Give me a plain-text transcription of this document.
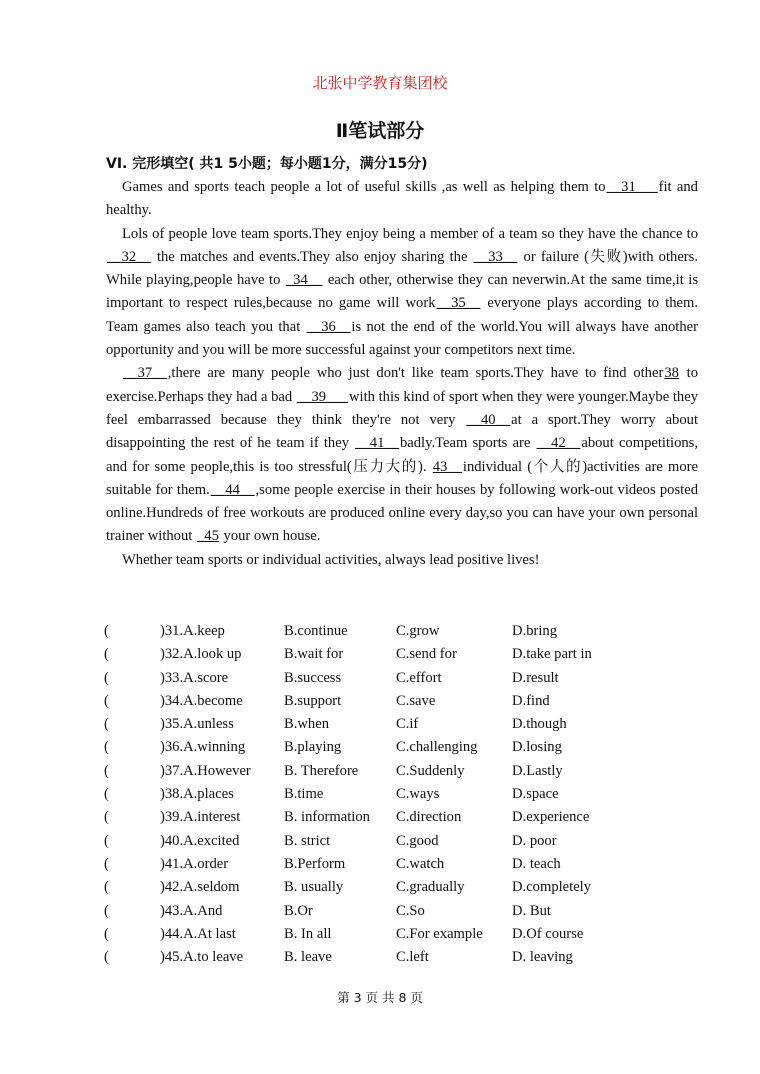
北张中学教育集团校
Ⅱ笔试部分
VI. 完形填空( 共1 5小题；每小题1分，满分15分)

Games and sports teach people a lot of useful skills ,as well as helping them to__31___fit and healthy.

Lols of people love team sports.They enjoy being a member of a team so they have the chance to __32__ the matches and events.They also enjoy sharing the __33__ or failure (失败)with others. While playing,people have to _34__ each other, otherwise they can neverwin.At the same time,it is important to respect rules,because no game will work__35__ everyone plays according to them. Team games also teach you that __36__is not the end of the world.You will always have another opportunity and you will be more successful against your competitors next time.

__37__,there are many people who just don't like team sports.They have to find other38 to exercise.Perhaps they had a bad __39___with this kind of sport when they were younger.Maybe they feel embarrassed because they think they're not very __40__at a sport.They worry about disappointing the rest of he team if they __41__badly.Team sports are __42__about competitions, and for some people,this is too stressful(压力大的). 43__individual (个人的)activities are more suitable for them.__44__,some people exercise in their houses by following work-out videos posted online.Hundreds of free workouts are produced online every day,so you can have your own personal trainer without _45 your own house.

Whether team sports or individual activities, always lead positive lives!

(	)31.A.keep	B.continue	C.grow	D.bring
(	)32.A.look up	B.wait for	C.send for	D.take part in
(	)33.A.score	B.success	C.effort	D.result
(	)34.A.become	B.support	C.save	D.find
(	)35.A.unless	B.when	C.if	D.though
(	)36.A.winning	B.playing	C.challenging D.losing
(	)37.A.However B. Therefore	C.Suddenly	D.Lastly
(	)38.A.places	B.time	C.ways	D.space
(	)39.A.interest	B. information C.direction	D.experience
(	)40.A.excited	B. strict	C.good	D. poor
(	)41.A.order	B.Perform	C.watch	D. teach
(	)42.A.seldom	B. usually	C.gradually	D.completely
(	)43.A.And	B.Or	C.So	D. But
(	)44.A.At last	B. In all	C.For example D.Of course
(	)45.A.to leave	B. leave	C.left	D. leaving
第 3 页 共 8 页
